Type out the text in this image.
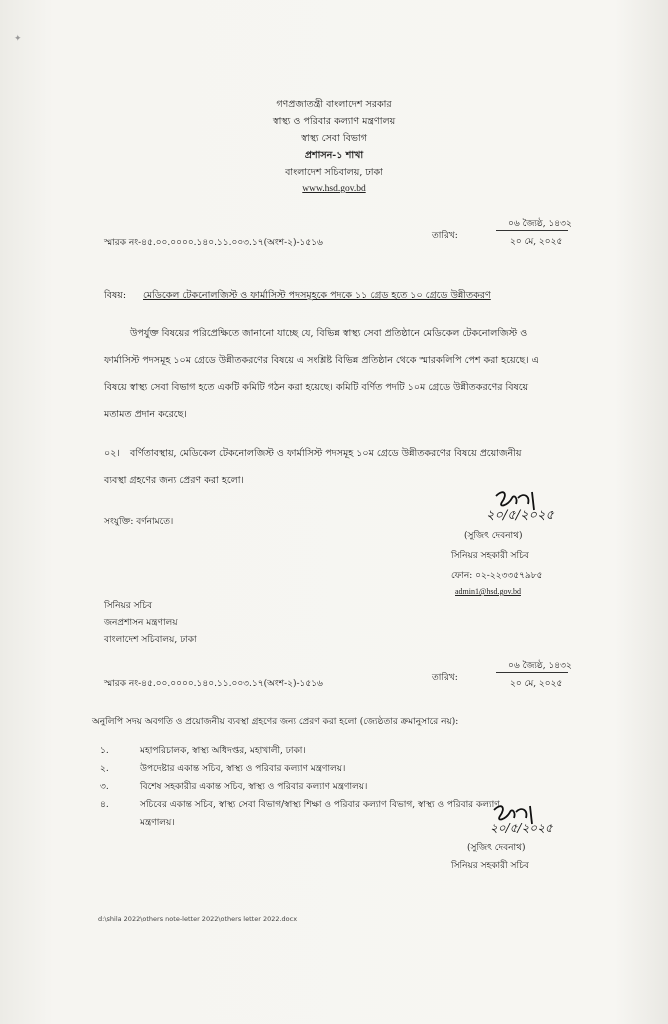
✦
গণপ্রজাতন্ত্রী বাংলাদেশ সরকার
স্বাস্থ্য ও পরিবার কল্যাণ মন্ত্রণালয়
স্বাস্থ্য সেবা বিভাগ
প্রশাসন-১ শাখা
বাংলাদেশ সচিবালয়, ঢাকা
www.hsd.gov.bd
স্মারক নং-৪৫.০০.০০০০.১৪০.১১.০০৩.১৭(অংশ-২)-১৫১৬
তারিখ:
০৬ জ্যৈষ্ঠ, ১৪৩২
২০ মে, ২০২৫
বিষয়: মেডিকেল টেকনোলজিস্ট ও ফার্মাসিস্ট পদসমূহকে পদকে ১১ গ্রেড হতে ১০ গ্রেডে উন্নীতকরণ
উপর্যুক্ত বিষয়ের পরিপ্রেক্ষিতে জানানো যাচ্ছে যে, বিভিন্ন স্বাস্থ্য সেবা প্রতিষ্ঠানে মেডিকেল টেকনোলজিস্ট ও
ফার্মাসিস্ট পদসমূহ ১০ম গ্রেডে উন্নীতকরণের বিষয়ে এ সংশ্লিষ্ট বিভিন্ন প্রতিষ্ঠান থেকে স্মারকলিপি পেশ করা হয়েছে। এ
বিষয়ে স্বাস্থ্য সেবা বিভাগ হতে একটি কমিটি গঠন করা হয়েছে। কমিটি বর্ণিত পদটি ১০ম গ্রেডে উন্নীতকরণের বিষয়ে
মতামত প্রদান করেছে।
০২।	বর্ণিতাবস্থায়, মেডিকেল টেকনোলজিস্ট ও ফার্মাসিস্ট পদসমূহ ১০ম গ্রেডে উন্নীতকরণের বিষয়ে প্রয়োজনীয়
ব্যবস্থা গ্রহণের জন্য প্রেরণ করা হলো।
সংযুক্তি: বর্ণনামতে।	২০/৫/২০২৫
(সুজিৎ দেবনাথ)
সিনিয়র সহকারী সচিব
ফোন: ০২-২২৩৩৫৭৯৮৫
admin1@hsd.gov.bd
সিনিয়র সচিব
জনপ্রশাসন মন্ত্রণালয়
বাংলাদেশ সচিবালয়, ঢাকা
স্মারক নং-৪৫.০০.০০০০.১৪০.১১.০০৩.১৭(অংশ-২)-১৫১৬
তারিখ:
০৬ জ্যৈষ্ঠ, ১৪৩২
২০ মে, ২০২৫
অনুলিপি সদয় অবগতি ও প্রয়োজনীয় ব্যবস্থা গ্রহণের জন্য প্রেরণ করা হলো (জ্যেষ্ঠতার ক্রমানুসারে নয়):
১.	মহাপরিচালক, স্বাস্থ্য অধিদপ্তর, মহাখালী, ঢাকা।
২.	উপদেষ্টার একান্ত সচিব, স্বাস্থ্য ও পরিবার কল্যাণ মন্ত্রণালয়।
৩.	বিশেষ সহকারীর একান্ত সচিব, স্বাস্থ্য ও পরিবার কল্যাণ মন্ত্রণালয়।
৪.	সচিবের একান্ত সচিব, স্বাস্থ্য সেবা বিভাগ/স্বাস্থ্য শিক্ষা ও পরিবার কল্যাণ বিভাগ, স্বাস্থ্য ও পরিবার কল্যাণ
মন্ত্রণালয়।	২০/৫/২০২৫
(সুজিৎ দেবনাথ)
সিনিয়র সহকারী সচিব
d:\shila 2022\others note-letter 2022\others letter 2022.docx
